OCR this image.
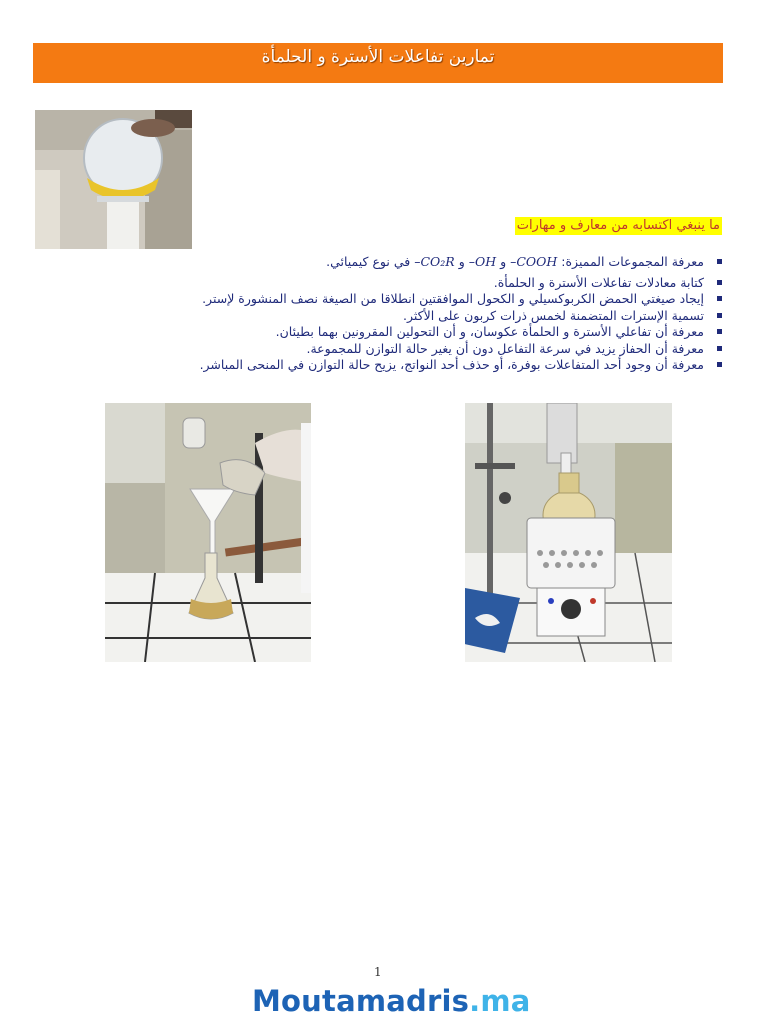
تمارين تفاعلات الأسترة و الحلمأة
ما ينبغي اكتسابه من معارف و مهارات
معرفة المجموعات المميزة: COOH– و OH– و CO₂R– في نوع كيميائي.
كتابة معادلات تفاعلات الأسترة و الحلمأة.
إيجاد صيغتي الحمض الكربوكسيلي و الكحول الموافقتين انطلاقا من الصيغة نصف المنشورة لإستر.
تسمية الإسترات المتضمنة لخمس ذرات كربون على الأكثر.
معرفة أن تفاعلي الأسترة و الحلمأة عكوسان، و أن التحولين المقرونين بهما بطيئان.
معرفة أن الحفاز يزيد في سرعة التفاعل دون أن يغير حالة التوازن للمجموعة.
معرفة أن وجود أحد المتفاعلات بوفرة، أو حذف أحد النواتج، يزيح حالة التوازن في المنحى المباشر.
1
Moutamadris.ma
